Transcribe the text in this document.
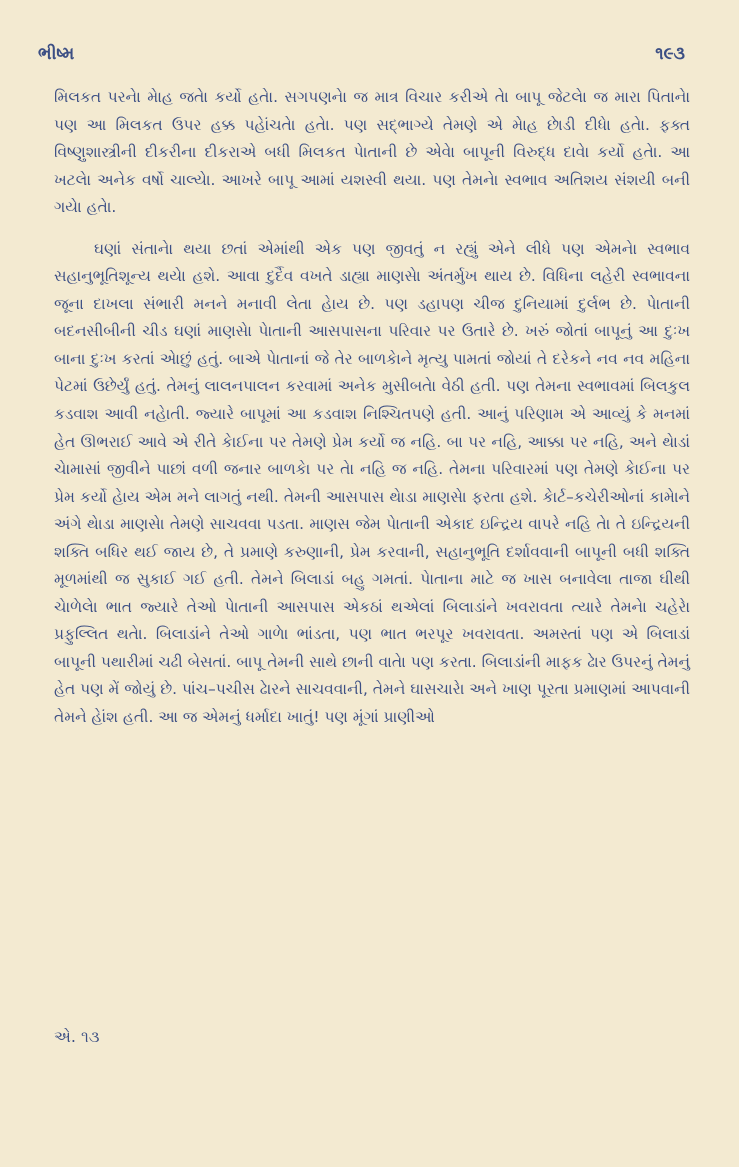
ભીષ્મ	૧૯૩

મિલકત પરનેા મેાહ જતેા કર્યો હતેા. સગપણનેા જ માત્ર વિચાર કરીએ તેા બાપૂ જેટલેા જ મારા પિતાનેા પણ આ મિલકત ઉપર હક્ક પહેાંચતેા હતેા. પણ સદ્ભાગ્યે તેમણે એ મેાહ છેાડી દીધેા હતેા. ફક્ત વિષ્ણુશાસ્ત્રીની દીકરીના દીકરાએ બધી મિલકત પેાતાની છે એવેા બાપૂની વિરુદ્ધ દાવેા કર્યો હતેા. આ ખટલેા અનેક વર્ષો ચાલ્યેા. આખરે બાપૂ આમાં યશસ્વી થયા. પણ તેમનેા સ્વભાવ અતિશય સંશયી બની ગયેા હતેા.

ઘણાં સંતાનેા થયા છતાં એમાંથી એક પણ જીવતું ન રહ્યું એને લીધે પણ એમનેા સ્વભાવ સહાનુભૂતિશૂન્ય થયેા હશે. આવા દુર્દૈવ વખતે ડાહ્યા માણસેા અંતર્મુખ થાય છે. વિધિના લહેરી સ્વભાવના જૂના દાખલા સંભારી મનને મનાવી લેતા હેાય છે. પણ ડહાપણ ચીજ દુનિયામાં દુર્લભ છે. પેાતાની બદનસીબીની ચીડ ઘણાં માણસેા પેાતાની આસપાસના પરિવાર પર ઉતારે છે. ખરું જોતાં બાપૂનું આ દુઃખ બાના દુઃખ કરતાં એાછું હતું. બાએ પેાતાનાં જે તેર બાળકેાને મૃત્યુ પામતાં જોયાં તે દરેકને નવ નવ મહિના પેટમાં ઉછેર્યું હતું. તેમનું લાલનપાલન કરવામાં અનેક મુસીબતેા વેઠી હતી. પણ તેમના સ્વભાવમાં બિલકુલ કડવાશ આવી નહેાતી. જ્યારે બાપૂમાં આ કડવાશ નિશ્ચિતપણે હતી. આનું પરિણામ એ આવ્યું કે મનમાં હેત ઊભરાઈ આવે એ રીતે કેાઈના પર તેમણે પ્રેમ કર્યો જ નહિ. બા પર નહિ, આક્કા પર નહિ, અને થેાડાં ચેામાસાં જીવીને પાછાં વળી જનાર બાળકેા પર તેા નહિ જ નહિ. તેમના પરિવારમાં પણ તેમણે કેાઈના પર પ્રેમ કર્યો હેાય એમ મને લાગતું નથી. તેમની આસપાસ થેાડા માણસેા ફરતા હશે. કેાર્ટ–કચેરીઓનાં કામેાને અંગે થેાડા માણસેા તેમણે સાચવવા પડતા. માણસ જેમ પેાતાની એકાદ ઇન્દ્રિય વાપરે નહિ તેા તે ઇન્દ્રિયની શક્તિ બધિર થઈ જાય છે, તે પ્રમાણે કરુણાની, પ્રેમ કરવાની, સહાનુભૂતિ દર્શાવવાની બાપૂની બધી શક્તિ મૂળમાંથી જ સુકાઈ ગઈ હતી. તેમને બિલાડાં બહુ ગમતાં. પેાતાના માટે જ ખાસ બનાવેલા તાજા ઘીથી ચેાળેલેા ભાત જ્યારે તેઓ પેાતાની આસપાસ એકઠાં થએલાં બિલાડાંને ખવરાવતા ત્યારે તેમનેા ચહેરેા પ્રફુલ્લિત થતેા. બિલાડાંને તેઓ ગાળેા ભાંડતા, પણ ભાત ભરપૂર ખવરાવતા. અમસ્તાં પણ એ બિલાડાં બાપૂની પથારીમાં ચઢી બેસતાં. બાપૂ તેમની સાથે છાની વાતેા પણ કરતા. બિલાડાંની માફક ઢેાર ઉપરનું તેમનું હેત પણ મેં જોયું છે. પાંચ–પચીસ ઢેારને સાચવવાની, તેમને ઘાસચારેા અને ખાણ પૂરતા પ્રમાણમાં આપવાની તેમને હેાંશ હતી. આ જ એમનું ધર્માદા ખાતું! પણ મૂંગાં પ્રાણીઓ

એ. ૧૩
